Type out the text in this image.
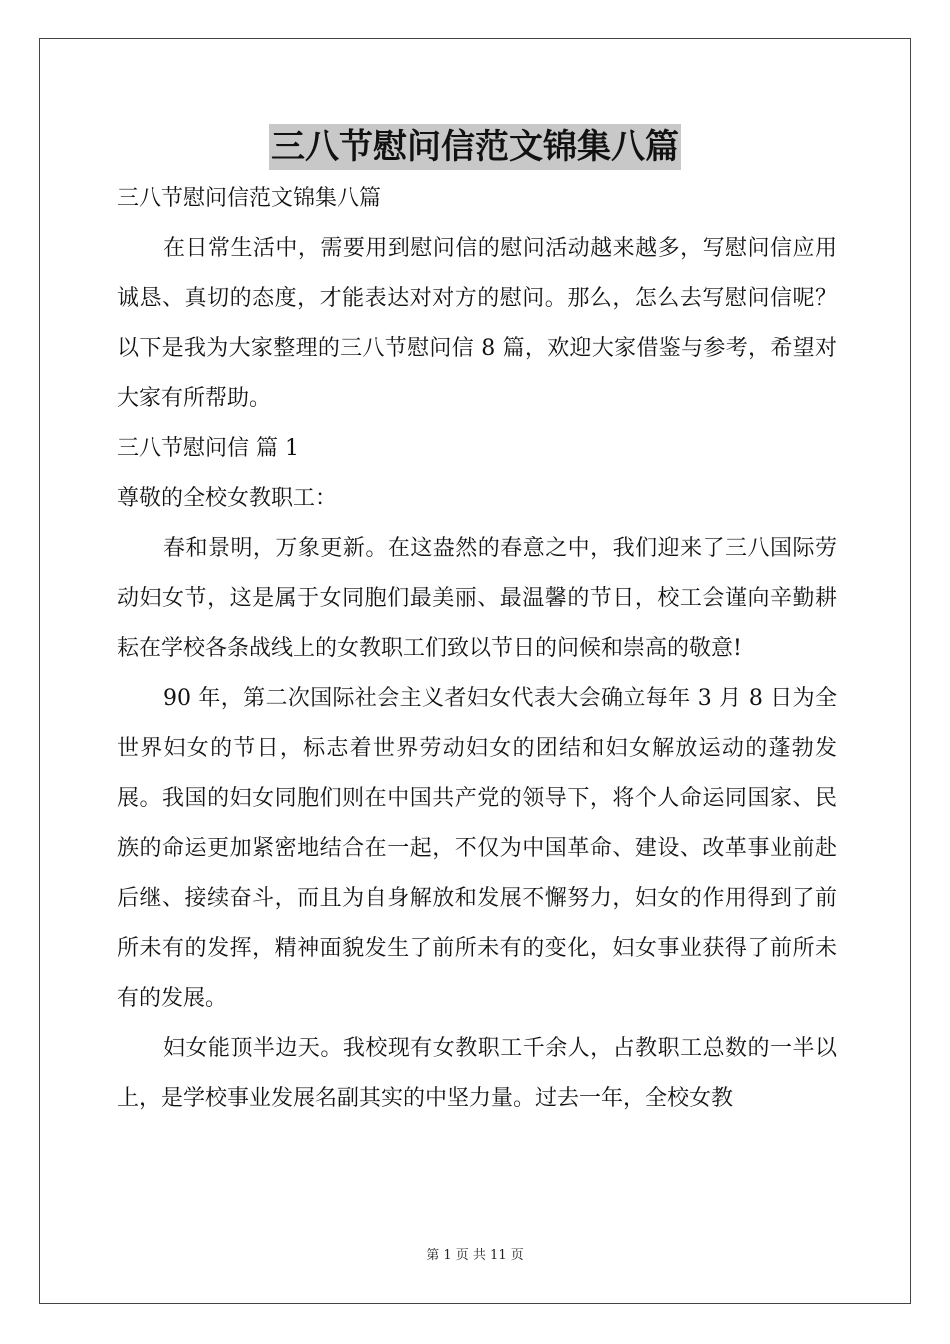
三八节慰问信范文锦集八篇

三八节慰问信范文锦集八篇

在日常生活中，需要用到慰问信的慰问活动越来越多，写慰问信应用诚恳、真切的态度，才能表达对对方的慰问。那么，怎么去写慰问信呢？以下是我为大家整理的三八节慰问信 8 篇，欢迎大家借鉴与参考，希望对大家有所帮助。

三八节慰问信 篇 1

尊敬的全校女教职工：

春和景明，万象更新。在这盎然的春意之中，我们迎来了三八国际劳动妇女节，这是属于女同胞们最美丽、最温馨的节日，校工会谨向辛勤耕耘在学校各条战线上的女教职工们致以节日的问候和崇高的敬意!

90 年，第二次国际社会主义者妇女代表大会确立每年 3 月 8 日为全世界妇女的节日，标志着世界劳动妇女的团结和妇女解放运动的蓬勃发展。我国的妇女同胞们则在中国共产党的领导下，将个人命运同国家、民族的命运更加紧密地结合在一起，不仅为中国革命、建设、改革事业前赴后继、接续奋斗，而且为自身解放和发展不懈努力，妇女的作用得到了前所未有的发挥，精神面貌发生了前所未有的变化，妇女事业获得了前所未有的发展。

妇女能顶半边天。我校现有女教职工千余人，占教职工总数的一半以上，是学校事业发展名副其实的中坚力量。过去一年，全校女教

第 1 页 共 11 页
